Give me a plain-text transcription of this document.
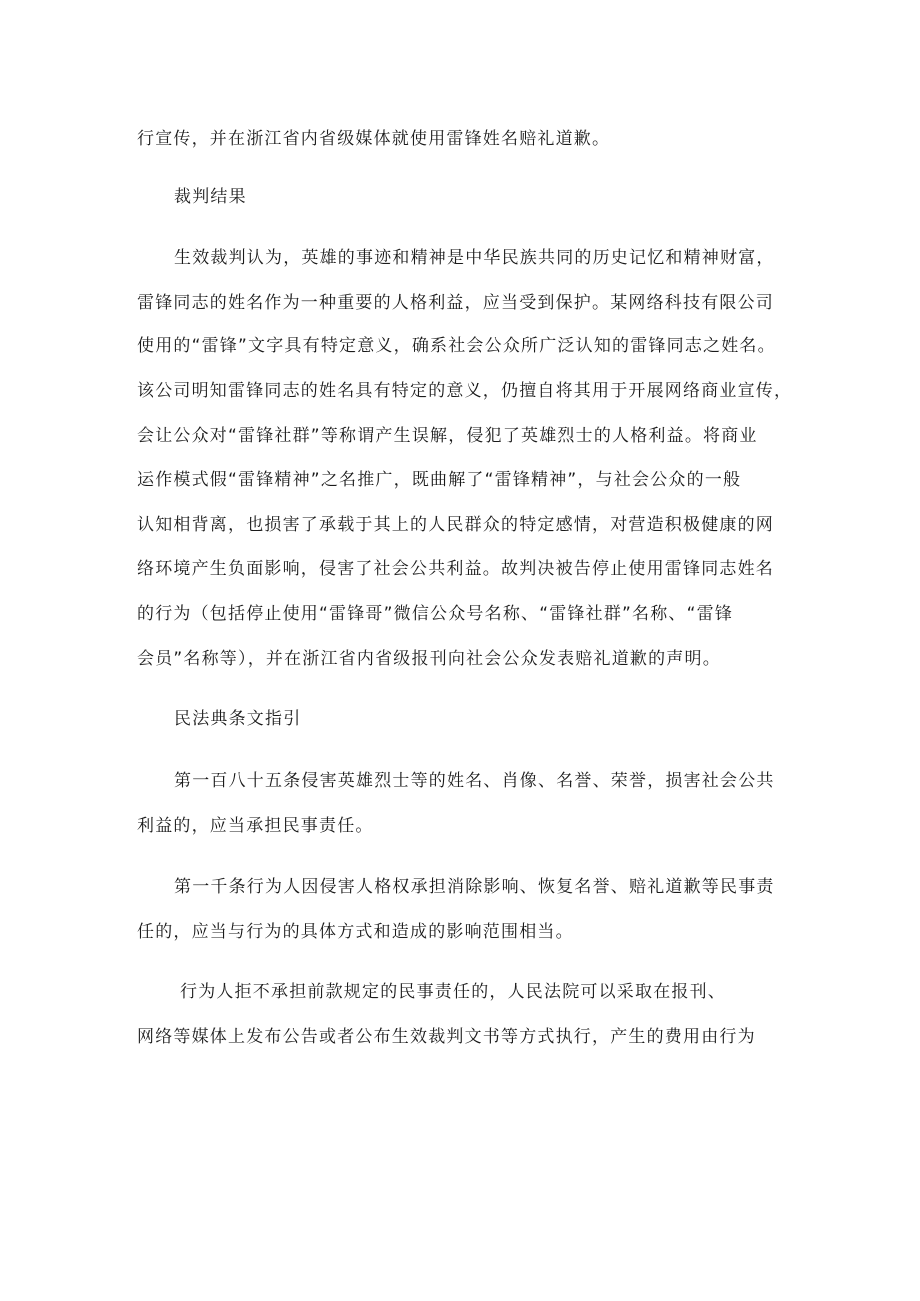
行宣传，并在浙江省内省级媒体就使用雷锋姓名赔礼道歉。
裁判结果
生效裁判认为，英雄的事迹和精神是中华民族共同的历史记忆和精神财富，
雷锋同志的姓名作为一种重要的人格利益，应当受到保护。某网络科技有限公司
使用的“雷锋”文字具有特定意义，确系社会公众所广泛认知的雷锋同志之姓名。
该公司明知雷锋同志的姓名具有特定的意义，仍擅自将其用于开展网络商业宣传，
会让公众对“雷锋社群”等称谓产生误解，侵犯了英雄烈士的人格利益。将商业
运作模式假“雷锋精神”之名推广，既曲解了“雷锋精神”，与社会公众的一般
认知相背离，也损害了承载于其上的人民群众的特定感情，对营造积极健康的网
络环境产生负面影响，侵害了社会公共利益。故判决被告停止使用雷锋同志姓名
的行为（包括停止使用“雷锋哥”微信公众号名称、“雷锋社群”名称、“雷锋
会员”名称等），并在浙江省内省级报刊向社会公众发表赔礼道歉的声明。
民法典条文指引
第一百八十五条侵害英雄烈士等的姓名、肖像、名誉、荣誉，损害社会公共
利益的，应当承担民事责任。
第一千条行为人因侵害人格权承担消除影响、恢复名誉、赔礼道歉等民事责
任的，应当与行为的具体方式和造成的影响范围相当。
行为人拒不承担前款规定的民事责任的，人民法院可以采取在报刊、
网络等媒体上发布公告或者公布生效裁判文书等方式执行，产生的费用由行为
